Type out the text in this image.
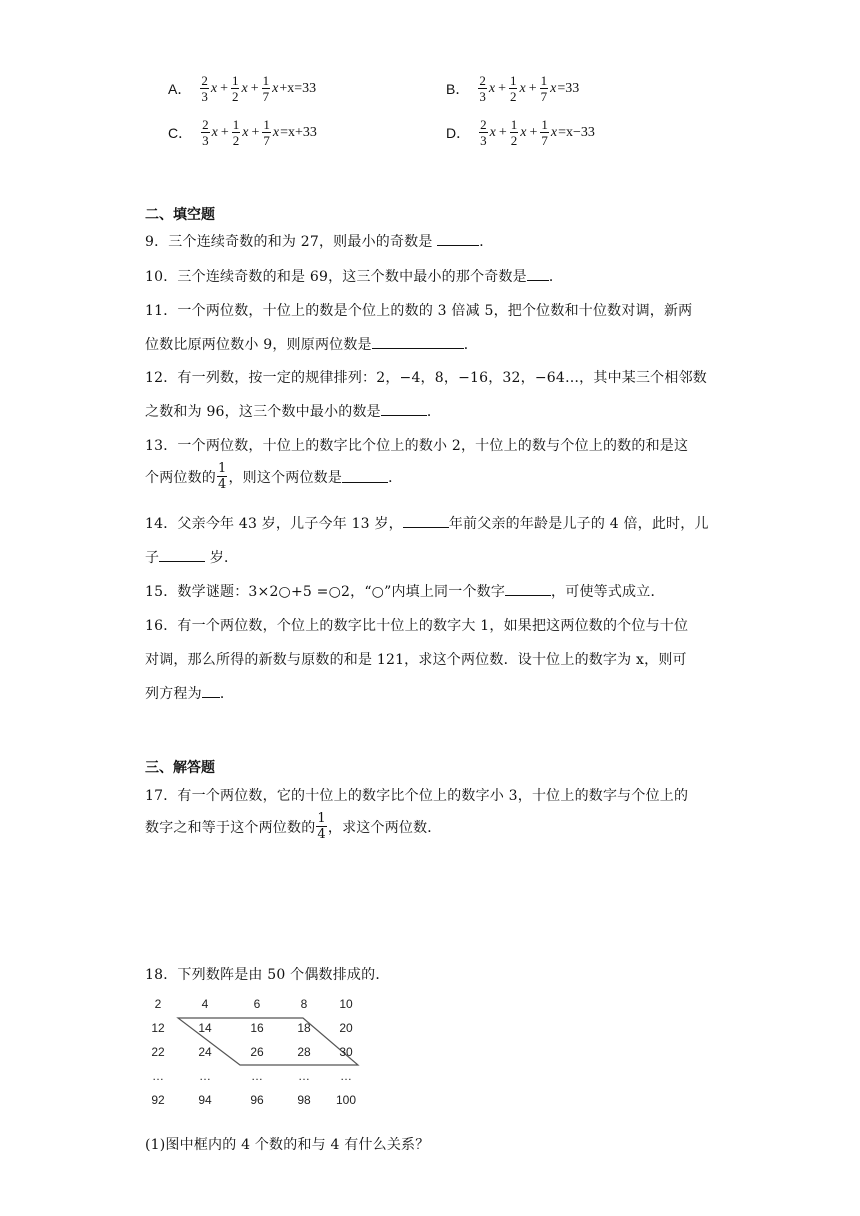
A． $\frac{2}{3}$ $x + \frac{1}{2}$ $x + \frac{1}{7}$ x +x =33	B． $\frac{2}{3}$ $x + \frac{1}{2}$ $x + \frac{1}{7}$ x =33
C． $\frac{2}{3}$ $x + \frac{1}{2}$ $x + \frac{1}{7}$ x =x+33	D． $\frac{2}{3}$ $x + \frac{1}{2}$ $x + \frac{1}{7}$ x =x−33
二、填空题
9．三个连续奇数的和为 27，则最小的奇数是	．
10．三个连续奇数的和是 69，这三个数中最小的那个奇数是 ．
11．一个两位数，十位上的数是个位上的数的 3 倍减 5，把个位数和十位数对调，新两
位数比原两位数小 9，则原两位数是	．
12．有一列数，按一定的规律排列：2，−4，8，−16，32，−64…，其中某三个相邻数
之数和为 96，这三个数中最小的数是	．
13．一个两位数，十位上的数字比个位上的数小 2，十位上的数与个位上的数的和是这
个两位数的 $\frac{1}{4}$ ，则这个两位数是	．
14．父亲今年 43 岁，儿子今年 13 岁，	年前父亲的年龄是儿子的 4 倍，此时，儿
子	岁．
15．数学谜题：3×2○+5 =○2，“○”内填上同一个数字	，可使等式成立．
16．有一个两位数，个位上的数字比十位上的数字大 1，如果把这两位数的个位与十位
对调，那么所得的新数与原数的和是 121，求这个两位数．设十位上的数字为 x，则可
列方程为 ．
三、解答题
17．有一个两位数，它的十位上的数字比个位上的数字小 3，十位上的数字与个位上的
数字之和等于这个两位数的 $\frac{1}{4}$ ，求这个两位数．
18．下列数阵是由 50 个偶数排成的．
2	4	6	8	10
12	14	16	18	20
22	24	26	28	30
…	…	…	…	…
92	94	96	98	100
(1)图中框内的 4 个数的和与 4 有什么关系？
